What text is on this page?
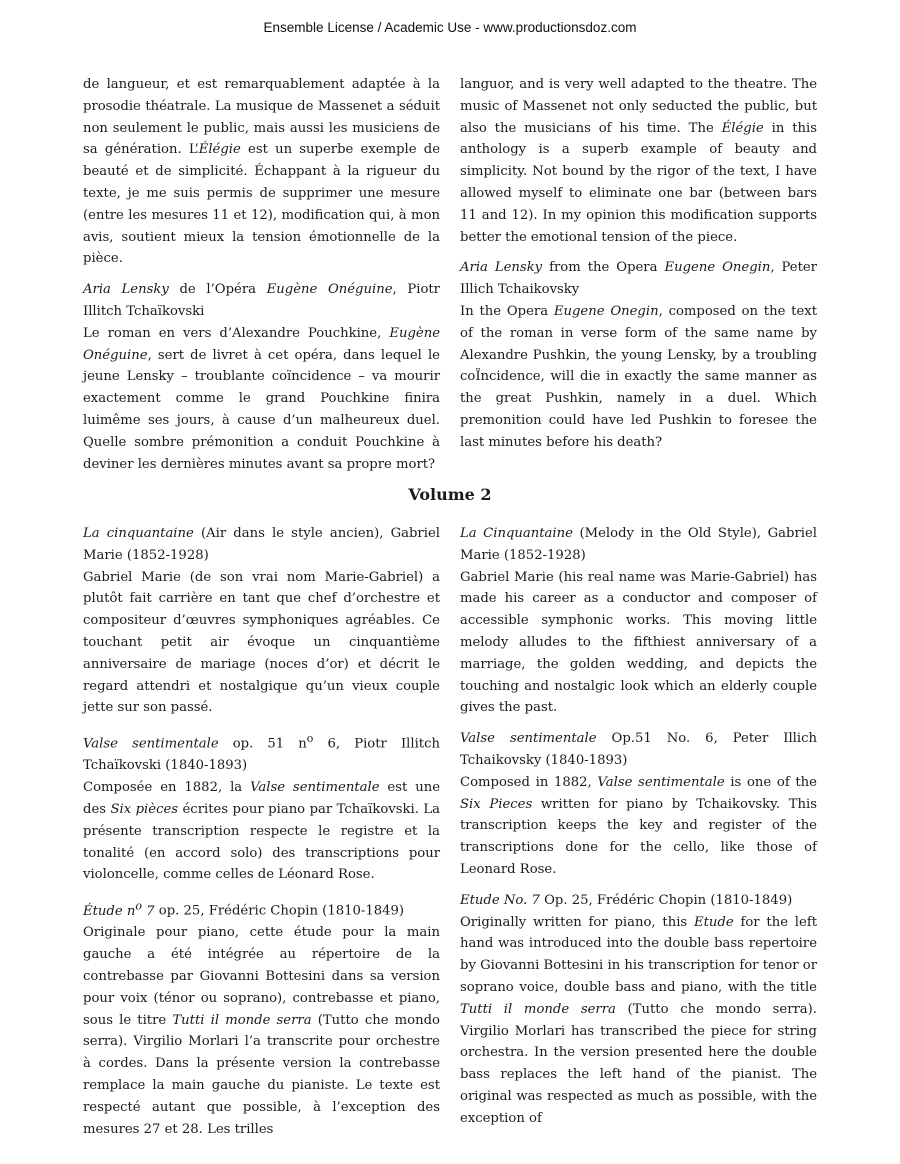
Ensemble License / Academic Use - www.productionsdoz.com

de langueur, et est remarquablement adaptée à la prosodie théatrale. La musique de Massenet a séduit non seulement le public, mais aussi les musiciens de sa génération. L’Élégie est un superbe exemple de beauté et de simplicité. Échappant à la rigueur du texte, je me suis permis de supprimer une mesure (entre les mesures 11 et 12), modification qui, à mon avis, soutient mieux la tension émotionnelle de la pièce.

Aria Lensky de l’Opéra Eugène Onéguine, Piotr Illitch Tchaïkovski

Le roman en vers d’Alexandre Pouchkine, Eugène Onéguine, sert de livret à cet opéra, dans lequel le jeune Lensky – troublante coïncidence – va mourir exactement comme le grand Pouchkine finira luimême ses jours, à cause d’un malheureux duel. Quelle sombre prémonition a conduit Pouchkine à deviner les dernières minutes avant sa propre mort?

languor, and is very well adapted to the theatre. The music of Massenet not only seducted the public, but also the musicians of his time. The Élégie in this anthology is a superb example of beauty and simplicity. Not bound by the rigor of the text, I have allowed myself to eliminate one bar (between bars 11 and 12). In my opinion this modification supports better the emotional tension of the piece.

Aria Lensky from the Opera Eugene Onegin, Peter Illich Tchaikovsky

In the Opera Eugene Onegin, composed on the text of the roman in verse form of the same name by Alexandre Pushkin, the young Lensky, by a troubling coÏncidence, will die in exactly the same manner as the great Pushkin, namely in a duel. Which premonition could have led Pushkin to foresee the last minutes before his death?

Volume 2

La cinquantaine (Air dans le style ancien), Gabriel Marie (1852-1928)

Gabriel Marie (de son vrai nom Marie-Gabriel) a plutôt fait carrière en tant que chef d’orchestre et compositeur d’œuvres symphoniques agréables. Ce touchant petit air évoque un cinquantième anniversaire de mariage (noces d’or) et décrit le regard attendri et nostalgique qu’un vieux couple jette sur son passé.

Valse sentimentale op. 51 $n^o$ 6, Piotr Illitch Tchaïkovski (1840-1893)

Composée en 1882, la Valse sentimentale est une des Six pièces écrites pour piano par Tchaïkovski. La présente transcription respecte le registre et la tonalité (en accord solo) des transcriptions pour violoncelle, comme celles de Léonard Rose.

Étude $n^o$ 7 op. 25, Frédéric Chopin (1810-1849)

Originale pour piano, cette étude pour la main gauche a été intégrée au répertoire de la contrebasse par Giovanni Bottesini dans sa version pour voix (ténor ou soprano), contrebasse et piano, sous le titre Tutti il monde serra (Tutto che mondo serra). Virgilio Morlari l’a transcrite pour orchestre à cordes. Dans la présente version la contrebasse remplace la main gauche du pianiste. Le texte est respecté autant que possible, à l’exception des mesures 27 et 28. Les trilles

La Cinquantaine (Melody in the Old Style), Gabriel Marie (1852-1928)

Gabriel Marie (his real name was Marie-Gabriel) has made his career as a conductor and composer of accessible symphonic works. This moving little melody alludes to the fifthiest anniversary of a marriage, the golden wedding, and depicts the touching and nostalgic look which an elderly couple gives the past.

Valse sentimentale Op.51 No. 6, Peter Illich Tchaikovsky (1840-1893)

Composed in 1882, Valse sentimentale is one of the Six Pieces written for piano by Tchaikovsky. This transcription keeps the key and register of the transcriptions done for the cello, like those of Leonard Rose.

Etude No. 7 Op. 25, Frédéric Chopin (1810-1849)

Originally written for piano, this Etude for the left hand was introduced into the double bass repertoire by Giovanni Bottesini in his transcription for tenor or soprano voice, double bass and piano, with the title Tutti il monde serra (Tutto che mondo serra). Virgilio Morlari has transcribed the piece for string orchestra. In the version presented here the double bass replaces the left hand of the pianist. The original was respected as much as possible, with the exception of
